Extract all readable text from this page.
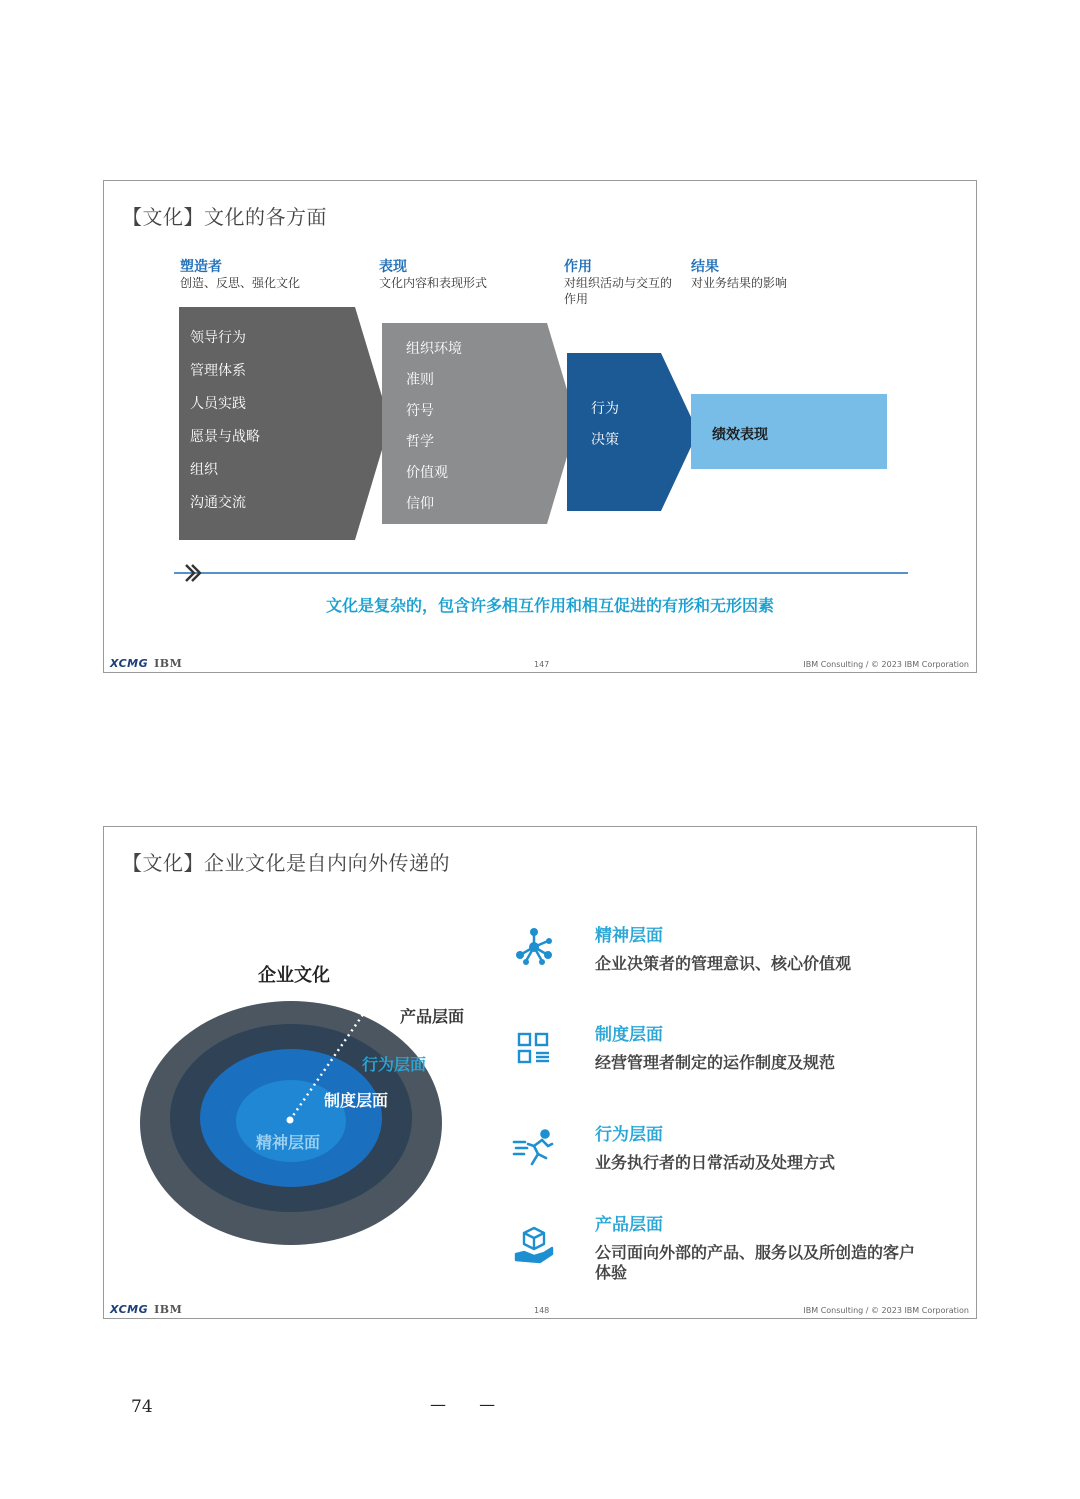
【文化】文化的各方面
塑造者
创造、反思、强化文化
表现
文化内容和表现形式
作用
对组织活动与交互的作用
结果
对业务结果的影响
领导行为
管理体系
人员实践
愿景与战略
组织
沟通交流
组织环境
准则
符号
哲学
价值观
信仰
行为
决策	绩效表现
文化是复杂的，包含许多相互作用和相互促进的有形和无形因素
XCMG IBM	147	IBM Consulting / © 2023 IBM Corporation
【文化】企业文化是自内向外传递的
企业文化
产品层面
行为层面
制度层面
精神层面
精神层面
企业决策者的管理意识、核心价值观
制度层面
经营管理者制定的运作制度及规范
行为层面
业务执行者的日常活动及处理方式
产品层面
公司面向外部的产品、服务以及所创造的客户体验
XCMG IBM	148	IBM Consulting / © 2023 IBM Corporation
74	— —
